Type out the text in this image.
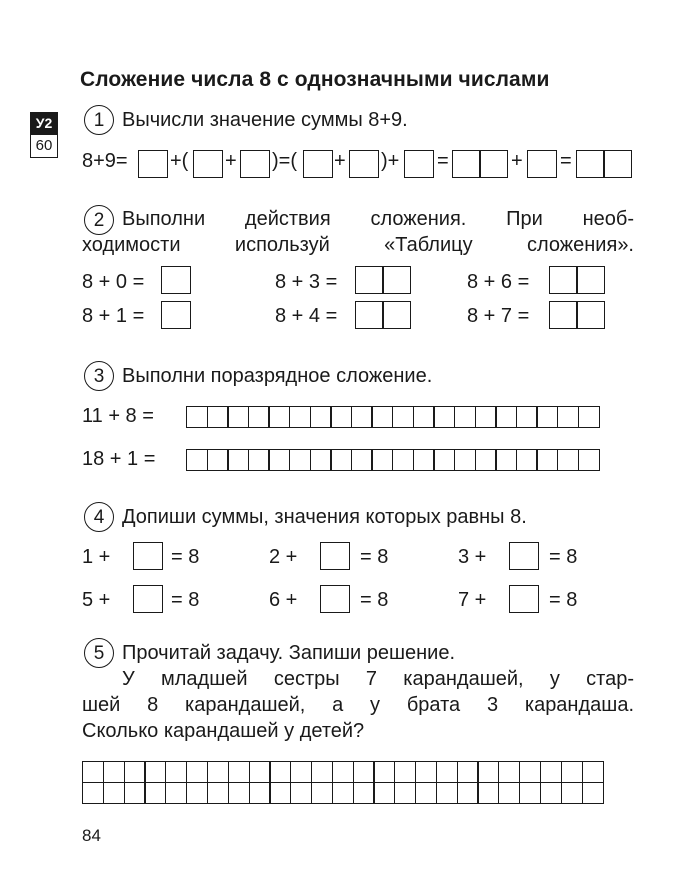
Сложение числа 8 с однозначными числами
У2
60
1 Вычисли значение суммы 8+9.
8+9= +( + )=( + )+ =	+ =
2 Выполни действия сложения. При необ-
ходимости используй «Таблицу сложения».
8 + 0 =	8 + 3 =	8 + 6 =
8 + 1 =	8 + 4 =	8 + 7 =
3 Выполни поразрядное сложение.
11 + 8 =
18 + 1 =
4 Допиши суммы, значения которых равны 8.
1 +	= 8	2 +	= 8	3 +	= 8
5 +	= 8	6 +	= 8	7 +	= 8
5 Прочитай задачу. Запиши решение.
У младшей сестры 7 карандашей, у стар-
шей 8 карандашей, а у брата 3 карандаша.
Сколько карандашей у детей?
84
